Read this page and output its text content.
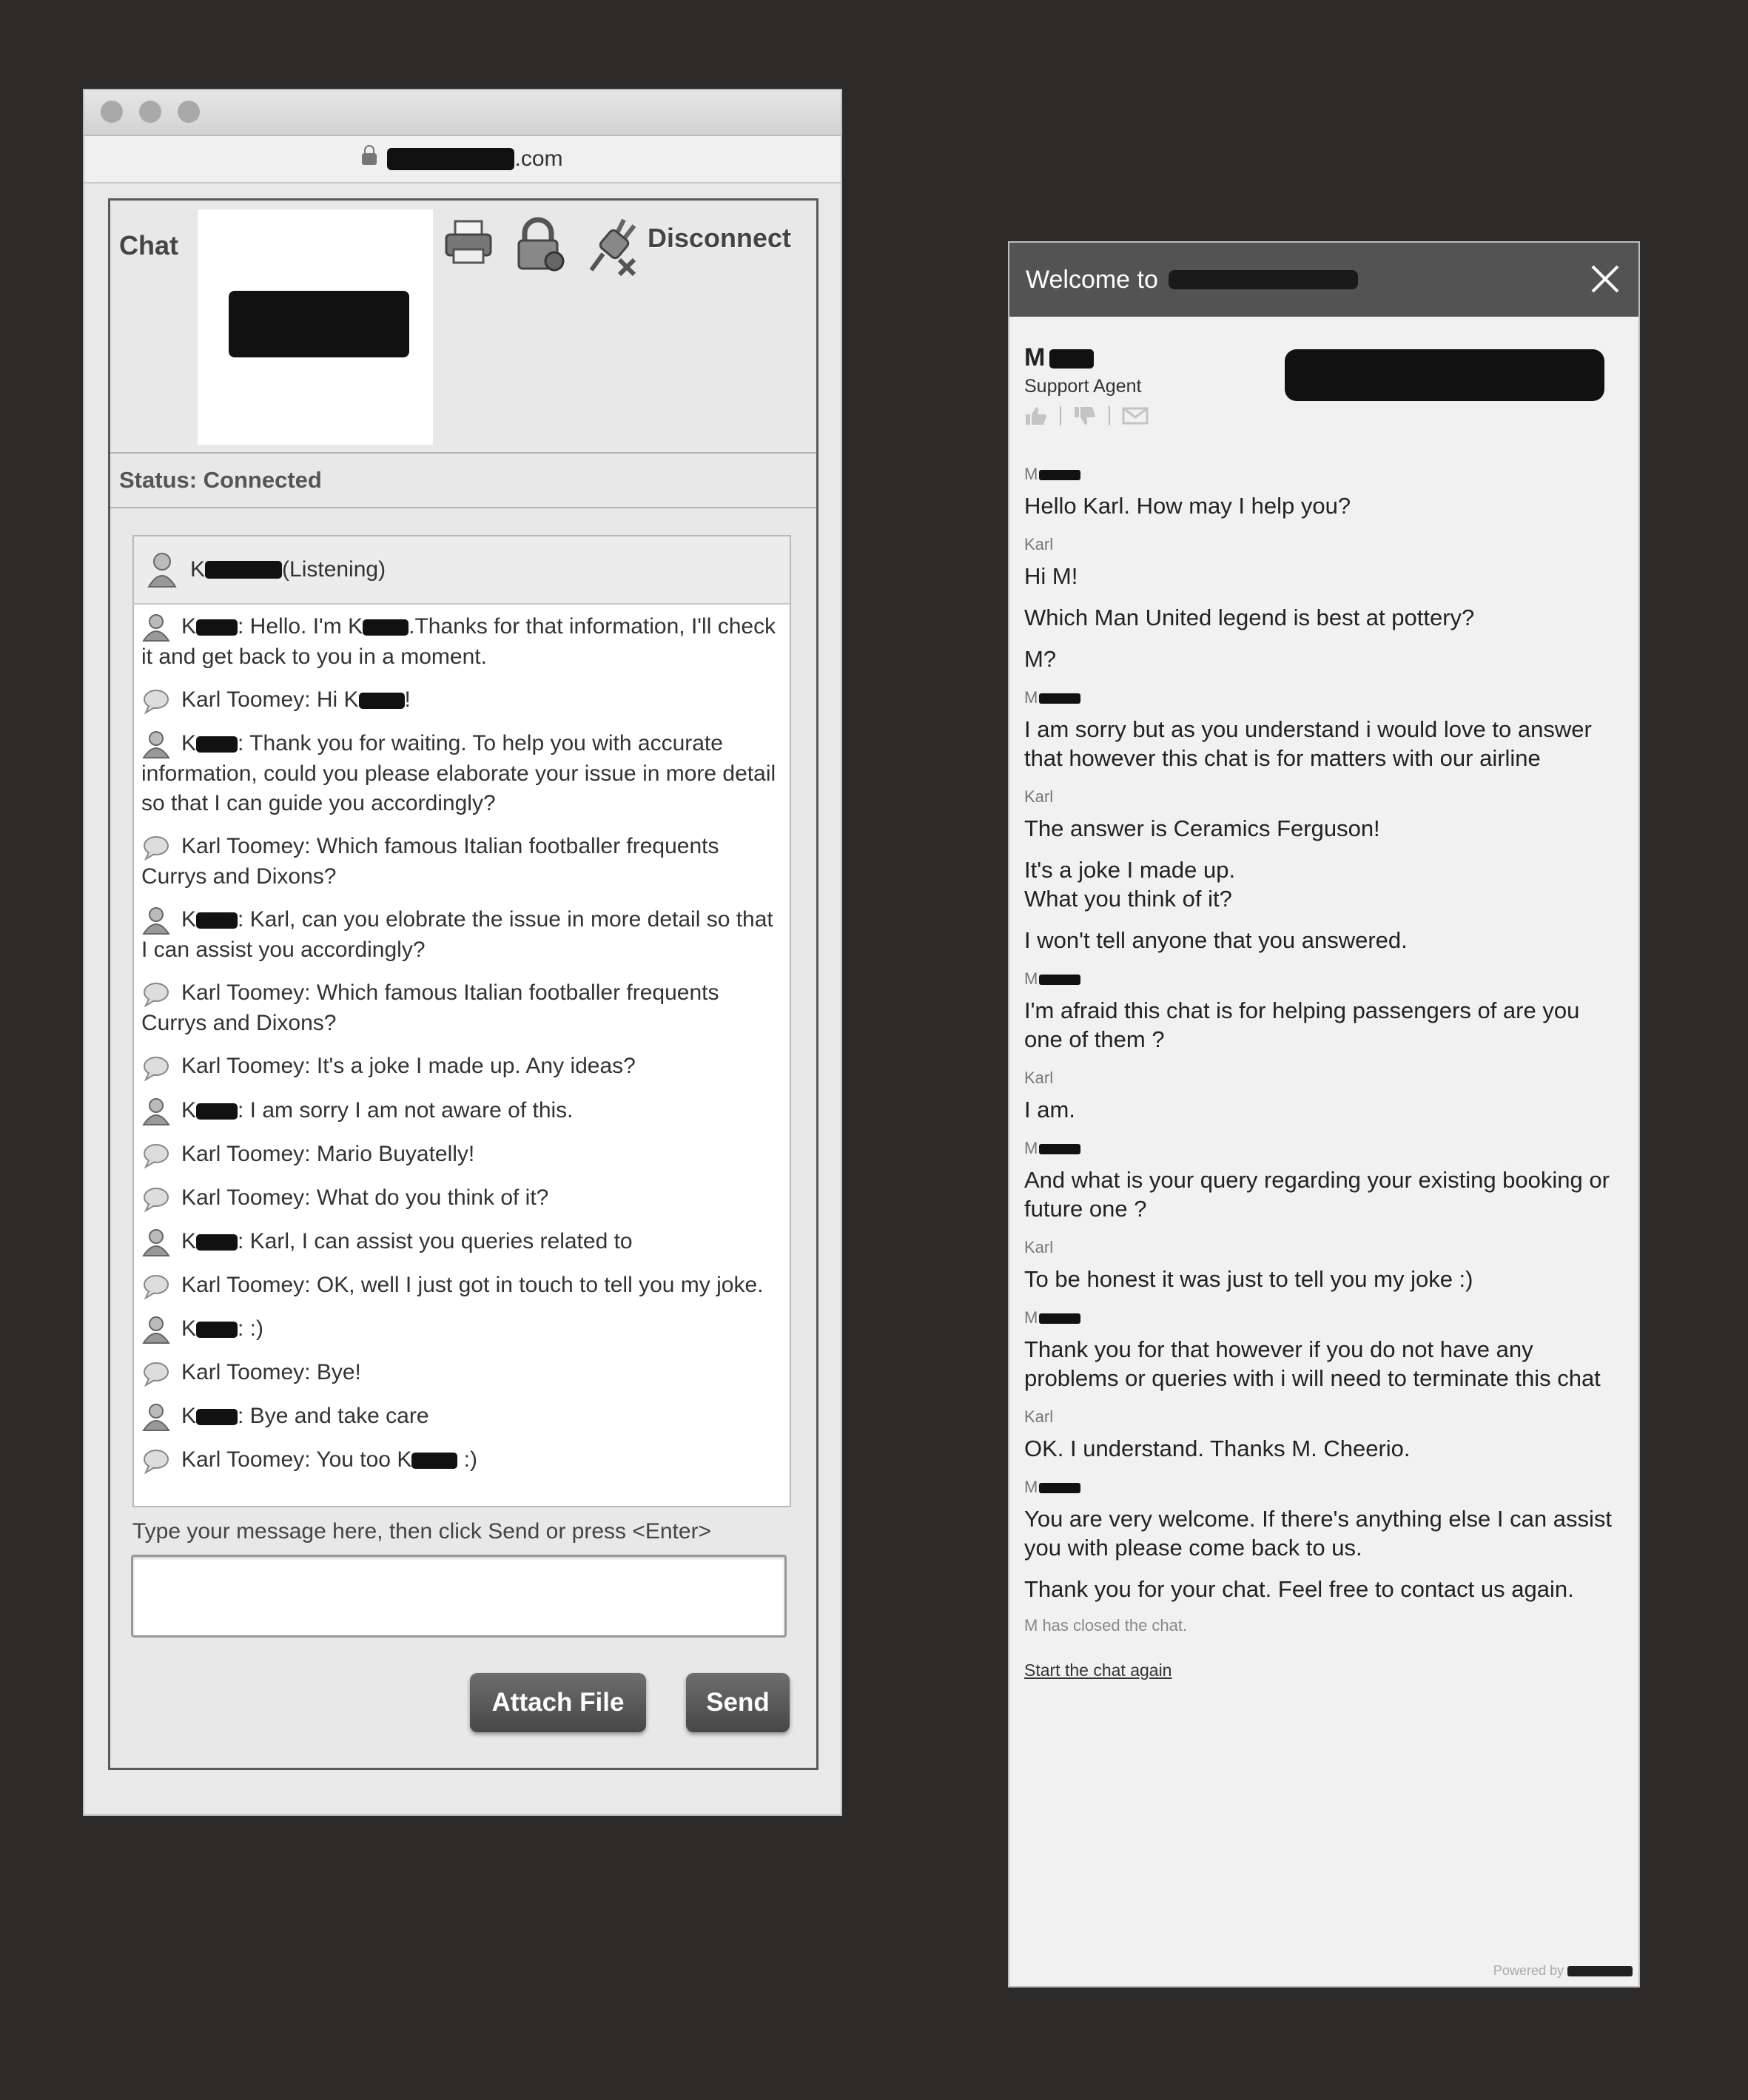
.com
Chat	Disconnect
Status: Connected
K	(Listening)
K : Hello. I'm K .Thanks for that information, I'll check it and get back to you in a moment.
Karl Toomey: Hi K !
K : Thank you for waiting. To help you with accurate information, could you please elaborate your issue in more detail so that I can guide you accordingly?
Karl Toomey: Which famous Italian footballer frequents Currys and Dixons?
K : Karl, can you elobrate the issue in more detail so that I can assist you accordingly?
Karl Toomey: Which famous Italian footballer frequents Currys and Dixons?
Karl Toomey: It's a joke I made up. Any ideas?
K : I am sorry I am not aware of this.
Karl Toomey: Mario Buyatelly!
Karl Toomey: What do you think of it?
K : Karl, I can assist you queries related to
Karl Toomey: OK, well I just got in touch to tell you my joke.
K : :)
Karl Toomey: Bye!
K : Bye and take care
Karl Toomey: You too K :)
Type your message here, then click Send or press <Enter>
Attach File	Send
Welcome to
M
Support Agent
M
Hello Karl. How may I help you?
Karl
Hi M!
Which Man United legend is best at pottery?
M?
M
I am sorry but as you understand i would love to answer that however this chat is for matters with our airline
Karl
The answer is Ceramics Ferguson!
It's a joke I made up.
What you think of it?
I won't tell anyone that you answered.
M
I'm afraid this chat is for helping passengers of are you one of them ?
Karl
I am.
M
And what is your query regarding your existing booking or future one ?
Karl
To be honest it was just to tell you my joke :)
M
Thank you for that however if you do not have any problems or queries with i will need to terminate this chat
Karl
OK. I understand. Thanks M. Cheerio.
M
You are very welcome. If there's anything else I can assist you with please come back to us.
Thank you for your chat. Feel free to contact us again.
M has closed the chat.
Start the chat again
Powered by
